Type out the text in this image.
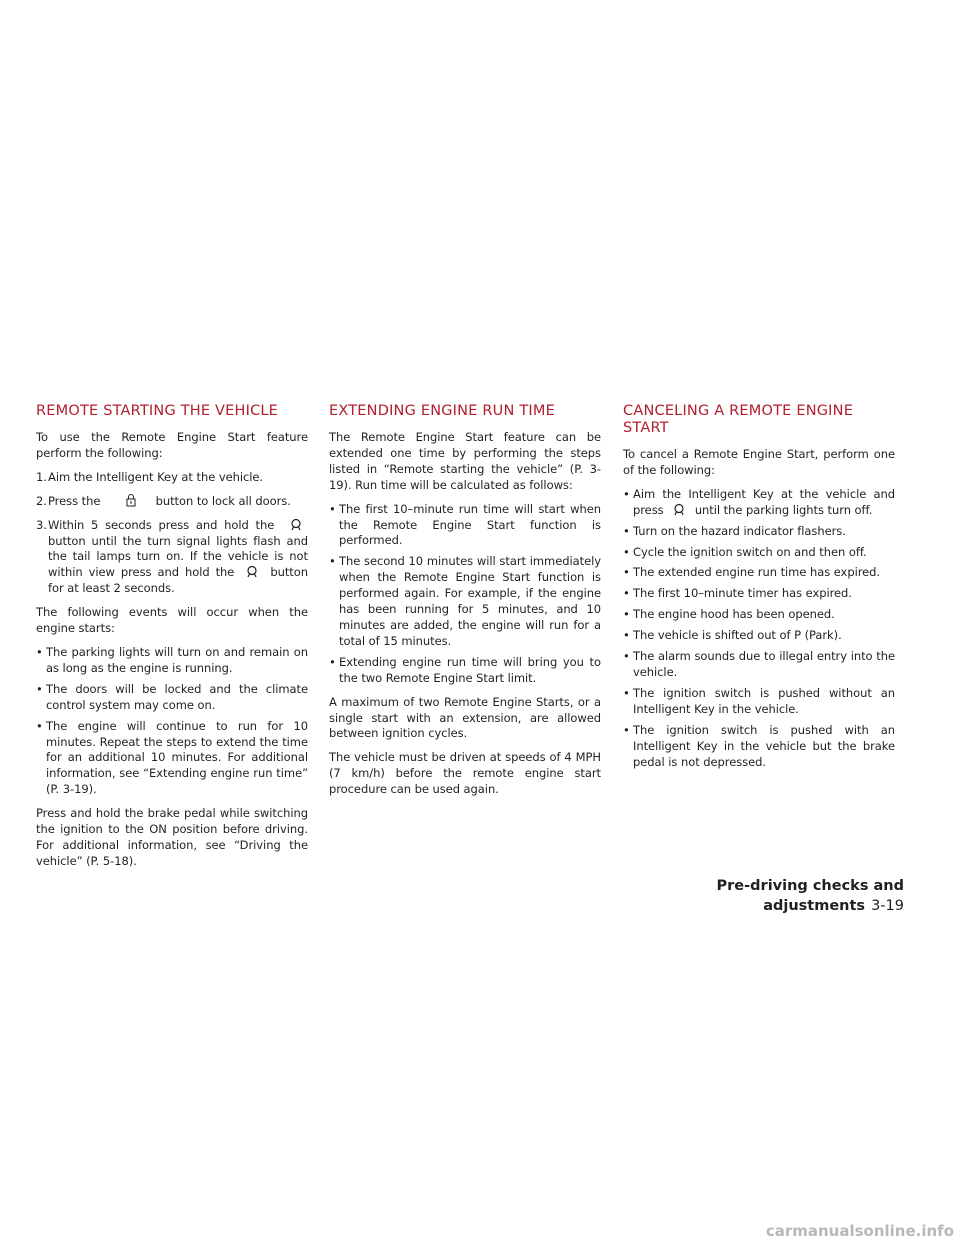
REMOTE STARTING THE VEHICLE

To use the Remote Engine Start feature perform the following:

1. Aim the Intelligent Key at the vehicle.
2. Press the	button to lock all doors.
3. Within 5 seconds press and hold the
button until the turn signal lights flash and the tail lamps turn on. If the vehicle is not within view press and hold the	button for at least 2 seconds.

The following events will occur when the engine starts:

• The parking lights will turn on and remain on as long as the engine is running.
• The doors will be locked and the climate control system may come on.
• The engine will continue to run for 10 minutes. Repeat the steps to extend the time for an additional 10 minutes. For additional information, see “Extending engine run time” (P. 3-19).

Press and hold the brake pedal while switching the ignition to the ON position before driving. For additional information, see “Driving the vehicle” (P. 5-18).

EXTENDING ENGINE RUN TIME

The Remote Engine Start feature can be extended one time by performing the steps listed in “Remote starting the vehicle” (P. 3-19). Run time will be calculated as follows:

• The first 10–minute run time will start when the Remote Engine Start function is performed.
• The second 10 minutes will start immediately when the Remote Engine Start function is performed again. For example, if the engine has been running for 5 minutes, and 10 minutes are added, the engine will run for a total of 15 minutes.
• Extending engine run time will bring you to the two Remote Engine Start limit.

A maximum of two Remote Engine Starts, or a single start with an extension, are allowed between ignition cycles.

The vehicle must be driven at speeds of 4 MPH (7 km/h) before the remote engine start procedure can be used again.

CANCELING A REMOTE ENGINE START

To cancel a Remote Engine Start, perform one of the following:

• Aim the Intelligent Key at the vehicle and press	until the parking lights turn off.
• Turn on the hazard indicator flashers.
• Cycle the ignition switch on and then off.
• The extended engine run time has expired.
• The first 10–minute timer has expired.
• The engine hood has been opened.
• The vehicle is shifted out of P (Park).
• The alarm sounds due to illegal entry into the vehicle.
• The ignition switch is pushed without an Intelligent Key in the vehicle.
• The ignition switch is pushed with an Intelligent Key in the vehicle but the brake pedal is not depressed.
Pre-driving checks and adjustments 3-19
carmanualsonline.info
